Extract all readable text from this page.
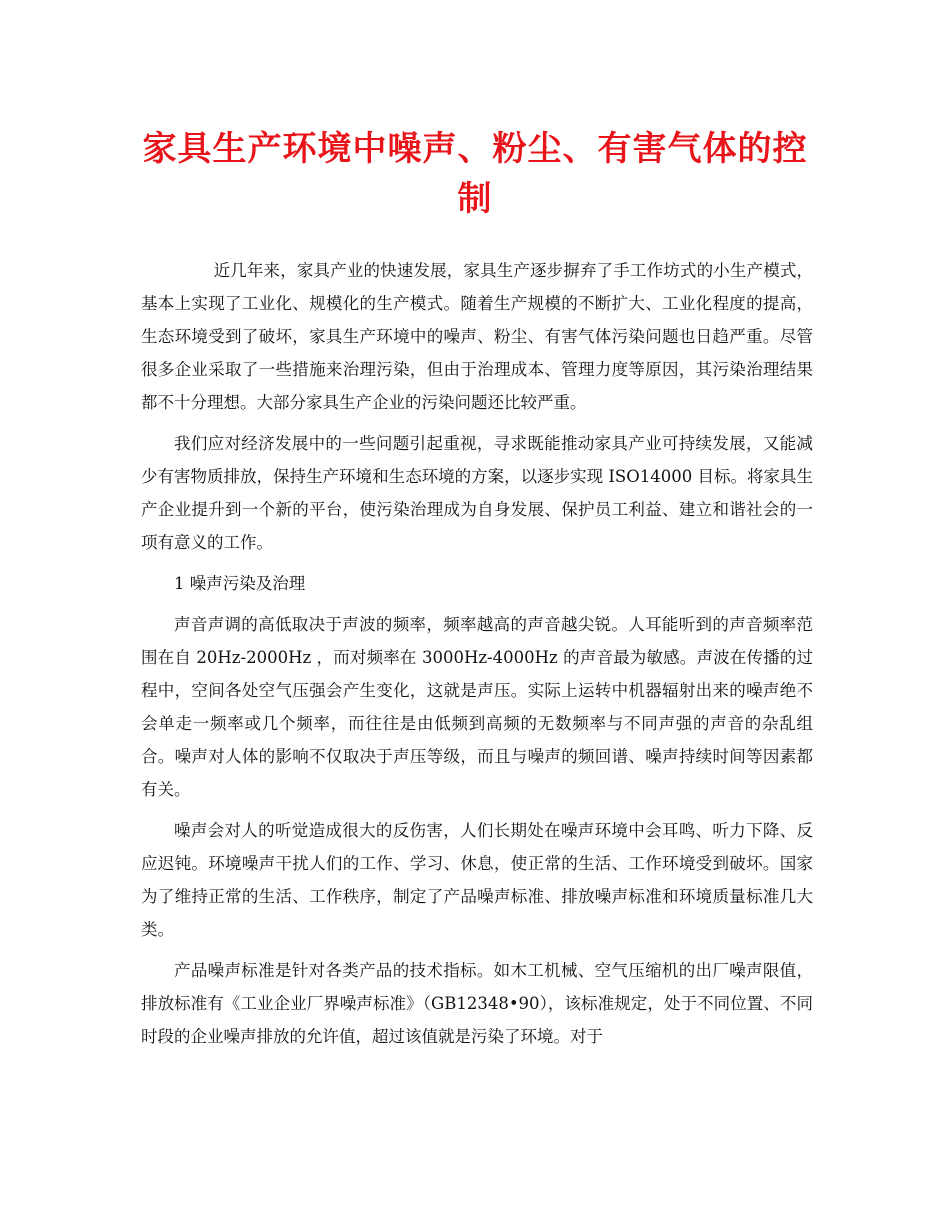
家具生产环境中噪声、粉尘、有害气体的控制

近几年来，家具产业的快速发展，家具生产逐步摒弃了手工作坊式的小生产模式，基本上实现了工业化、规模化的生产模式。随着生产规模的不断扩大、工业化程度的提高，生态环境受到了破坏，家具生产环境中的噪声、粉尘、有害气体污染问题也日趋严重。尽管很多企业采取了一些措施来治理污染，但由于治理成本、管理力度等原因，其污染治理结果都不十分理想。大部分家具生产企业的污染问题还比较严重。

我们应对经济发展中的一些问题引起重视，寻求既能推动家具产业可持续发展，又能减少有害物质排放，保持生产环境和生态环境的方案，以逐步实现 ISO14000 目标。将家具生产企业提升到一个新的平台，使污染治理成为自身发展、保护员工利益、建立和谐社会的一项有意义的工作。

1 噪声污染及治理

声音声调的高低取决于声波的频率，频率越高的声音越尖锐。人耳能听到的声音频率范围在自 20Hz-2000Hz ，而对频率在 3000Hz-4000Hz 的声音最为敏感。声波在传播的过程中，空间各处空气压强会产生变化，这就是声压。实际上运转中机器辐射出来的噪声绝不会单走一频率或几个频率，而往往是由低频到高频的无数频率与不同声强的声音的杂乱组合。噪声对人体的影响不仅取决于声压等级，而且与噪声的频回谱、噪声持续时间等因素都有关。

噪声会对人的听觉造成很大的反伤害，人们长期处在噪声环境中会耳鸣、听力下降、反应迟钝。环境噪声干扰人们的工作、学习、休息，使正常的生活、工作环境受到破坏。国家为了维持正常的生活、工作秩序，制定了产品噪声标准、排放噪声标准和环境质量标准几大类。

产品噪声标准是针对各类产品的技术指标。如木工机械、空气压缩机的出厂噪声限值，排放标准有《工业企业厂界噪声标准》（GB12348•90），该标准规定，处于不同位置、不同时段的企业噪声排放的允许值，超过该值就是污染了环境。对于
